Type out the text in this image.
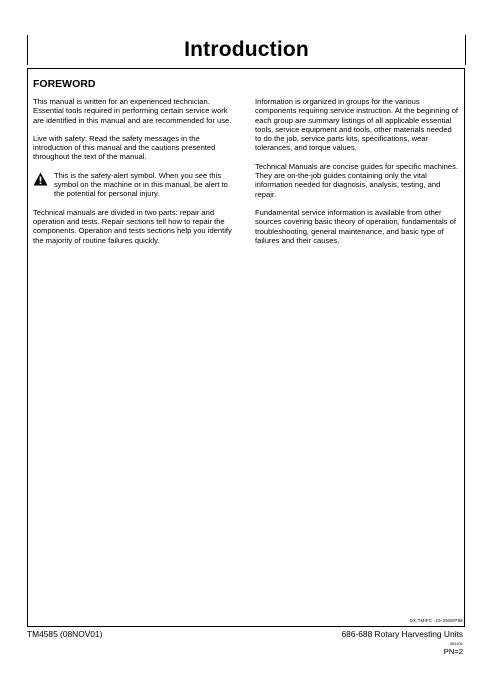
Introduction
FOREWORD

This manual is written for an experienced technician. Essential tools required in performing certain service work are identified in this manual and are recommended for use.

Live with safety: Read the safety messages in the introduction of this manual and the cautions presented throughout the text of the manual.

This is the safety-alert symbol. When you see this symbol on the machine or in this manual, be alert to the potential for personal injury.

Technical manuals are divided in two parts: repair and operation and tests. Repair sections tell how to repair the components. Operation and tests sections help you identify the majority of routine failures quickly.

Information is organized in groups for the various components requiring service instruction. At the beginning of each group are summary listings of all applicable essential tools, service equipment and tools, other materials needed to do the job, service parts kits, specifications, wear tolerances, and torque values.

Technical Manuals are concise guides for specific machines. They are on-the-job guides containing only the vital information needed for diagnosis, analysis, testing, and repair.

Fundamental service information is available from other sources covering basic theory of operation, fundamentals of troubleshooting, general maintenance, and basic type of failures and their causes.

DX,TMIFC -19-29SEP98
TM4585 (08NOV01)	686-688 Rotary Harvesting Units
081101
PN=2
